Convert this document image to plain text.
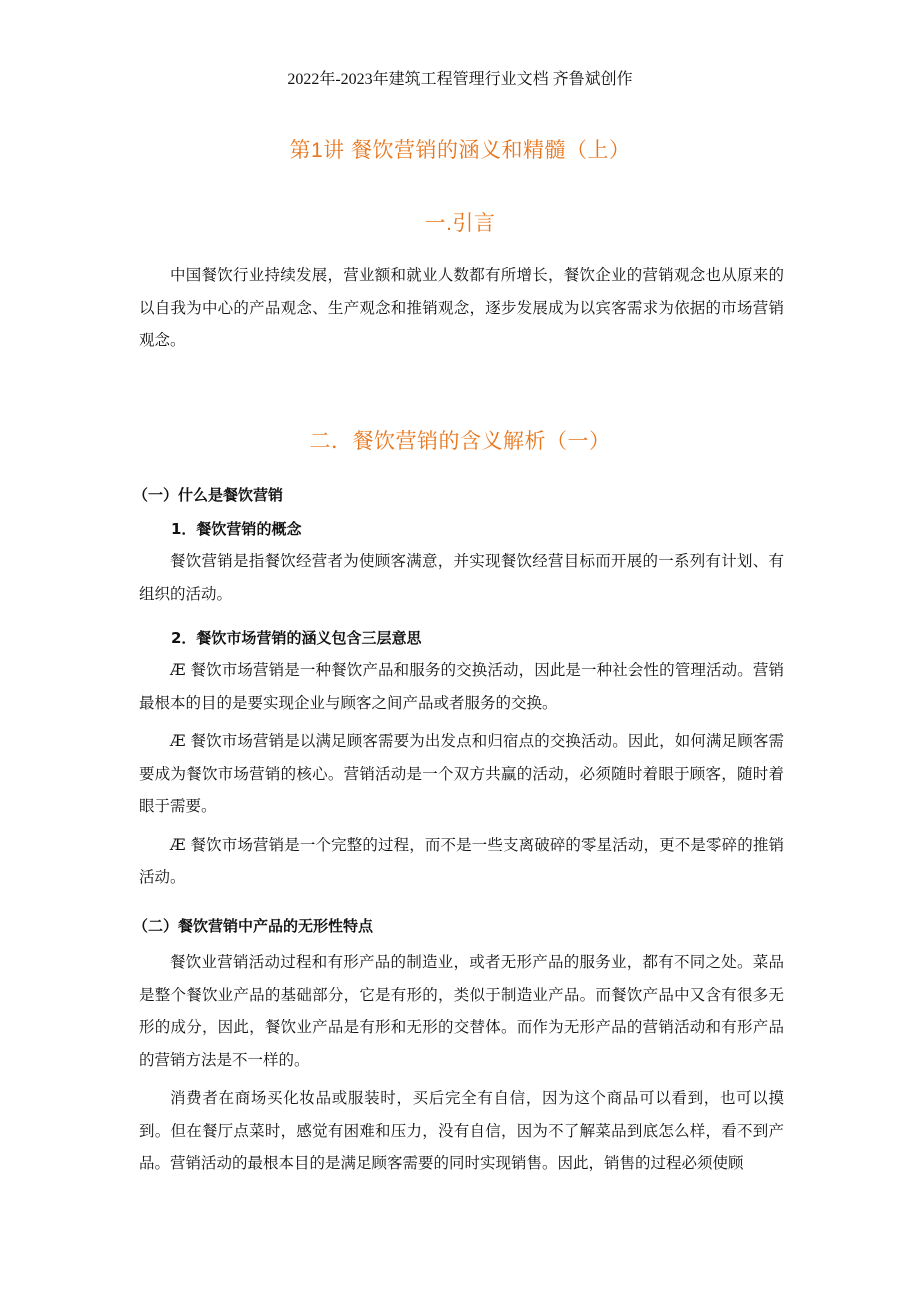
2022年-2023年建筑工程管理行业文档 齐鲁斌创作
第1讲 餐饮营销的涵义和精髓（上）
一.引言

中国餐饮行业持续发展，营业额和就业人数都有所增长，餐饮企业的营销观念也从原来的以自我为中心的产品观念、生产观念和推销观念，逐步发展成为以宾客需求为依据的市场营销观念。

二．餐饮营销的含义解析（一）
（一）什么是餐饮营销
1．餐饮营销的概念

餐饮营销是指餐饮经营者为使顾客满意，并实现餐饮经营目标而开展的一系列有计划、有组织的活动。

2．餐饮市场营销的涵义包含三层意思

Æ 餐饮市场营销是一种餐饮产品和服务的交换活动，因此是一种社会性的管理活动。营销最根本的目的是要实现企业与顾客之间产品或者服务的交换。

Æ 餐饮市场营销是以满足顾客需要为出发点和归宿点的交换活动。因此，如何满足顾客需要成为餐饮市场营销的核心。营销活动是一个双方共赢的活动，必须随时着眼于顾客，随时着眼于需要。

Æ 餐饮市场营销是一个完整的过程，而不是一些支离破碎的零星活动，更不是零碎的推销活动。

（二）餐饮营销中产品的无形性特点

餐饮业营销活动过程和有形产品的制造业，或者无形产品的服务业，都有不同之处。菜品是整个餐饮业产品的基础部分，它是有形的，类似于制造业产品。而餐饮产品中又含有很多无形的成分，因此，餐饮业产品是有形和无形的交替体。而作为无形产品的营销活动和有形产品的营销方法是不一样的。

消费者在商场买化妆品或服装时，买后完全有自信，因为这个商品可以看到，也可以摸到。但在餐厅点菜时，感觉有困难和压力，没有自信，因为不了解菜品到底怎么样，看不到产品。营销活动的最根本目的是满足顾客需要的同时实现销售。因此，销售的过程必须使顾
